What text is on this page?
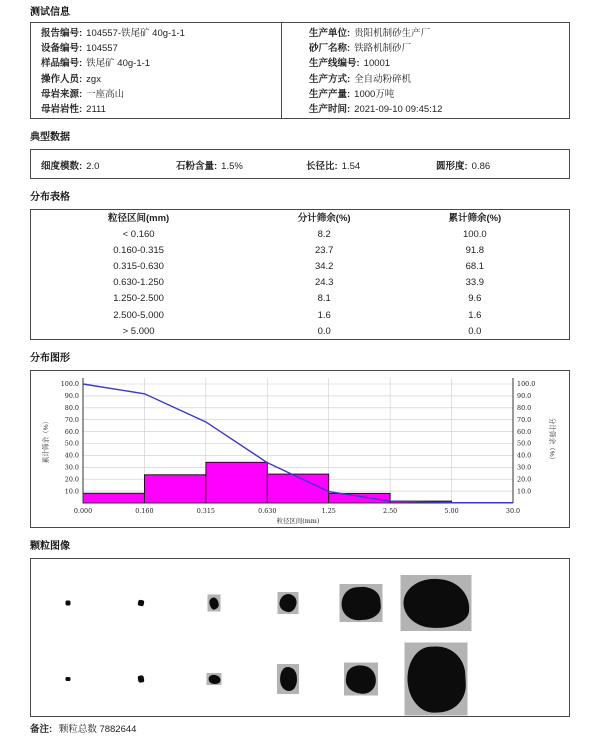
测试信息
报告编号: 104557-铁尾矿 40g-1-1
设备编号: 104557
样品编号: 铁尾矿 40g-1-1
操作人员: zgx
母岩来源: 一座高山
母岩岩性: 2111
生产单位: 贵阳机制砂生产厂
砂厂名称: 铁路机制砂厂
生产线编号: 10001
生产方式: 全自动粉碎机
生产产量: 1000万吨
生产时间: 2021-09-10 09:45:12
典型数据
细度模数: 2.0	石粉含量: 1.5%	长径比: 1.54	圆形度: 0.86
分布表格
粒径区间(mm)	分计筛余(%)	累计筛余(%)
< 0.160	8.2	100.0
0.160-0.315	23.7	91.8
0.315-0.630	34.2	68.1
0.630-1.250	24.3	33.9
1.250-2.500	8.1	9.6
2.500-5.000	1.6	1.6
> 5.000	0.0	0.0
分布图形
10.0	10.0
20.0	20.0
30.0	30.0
40.0	40.0
50.0	50.0
60.0	60.0
70.0	70.0
80.0	80.0
90.0	90.0
100.0	100.0
0.000	0.160	0.315	0.630	1.25	2.50	5.00	30.0
粒径区间(mm)
累计筛余（%）	分计筛余（%）
颗粒图像
备注: 颗粒总数 7882644
